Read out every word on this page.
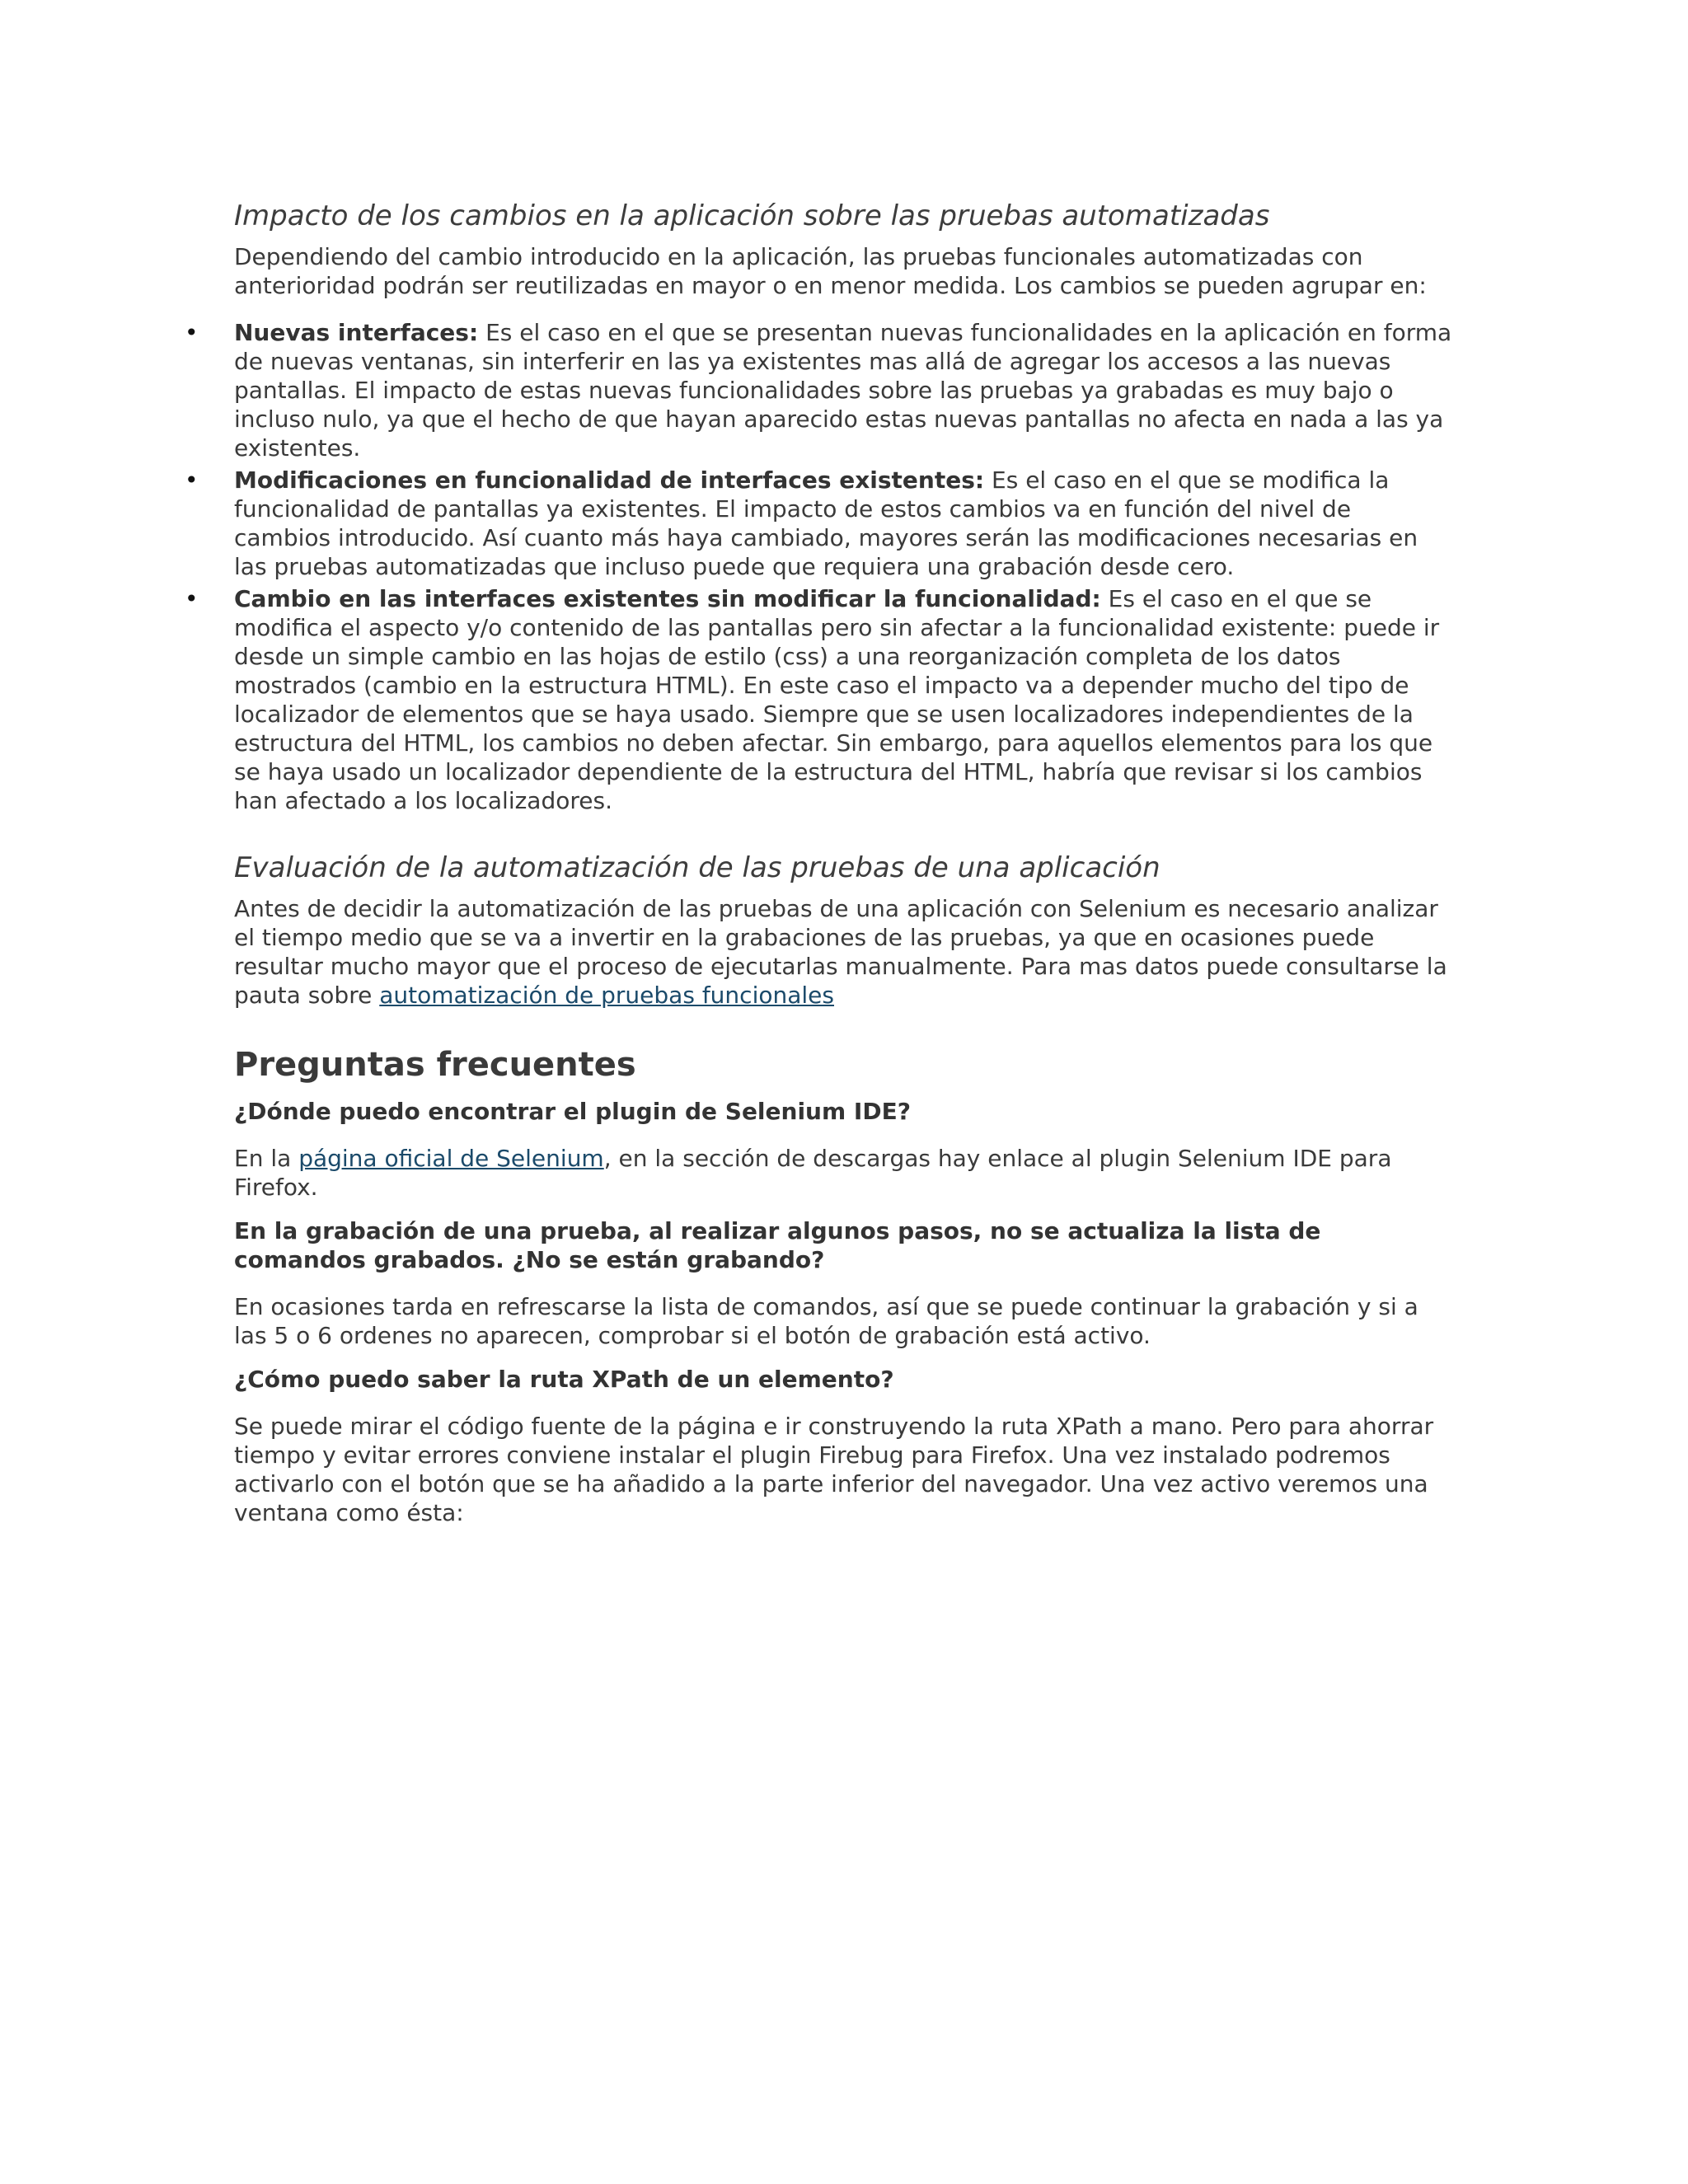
Impacto de los cambios en la aplicación sobre las pruebas automatizadas

Dependiendo del cambio introducido en la aplicación, las pruebas funcionales automatizadas con anterioridad podrán ser reutilizadas en mayor o en menor medida. Los cambios se pueden agrupar en:

• Nuevas interfaces: Es el caso en el que se presentan nuevas funcionalidades en la aplicación en forma de nuevas ventanas, sin interferir en las ya existentes mas allá de agregar los accesos a las nuevas pantallas. El impacto de estas nuevas funcionalidades sobre las pruebas ya grabadas es muy bajo o incluso nulo, ya que el hecho de que hayan aparecido estas nuevas pantallas no afecta en nada a las ya existentes.
• Modificaciones en funcionalidad de interfaces existentes: Es el caso en el que se modifica la funcionalidad de pantallas ya existentes. El impacto de estos cambios va en función del nivel de cambios introducido. Así cuanto más haya cambiado, mayores serán las modificaciones necesarias en las pruebas automatizadas que incluso puede que requiera una grabación desde cero.
• Cambio en las interfaces existentes sin modificar la funcionalidad: Es el caso en el que se modifica el aspecto y/o contenido de las pantallas pero sin afectar a la funcionalidad existente: puede ir desde un simple cambio en las hojas de estilo (css) a una reorganización completa de los datos mostrados (cambio en la estructura HTML). En este caso el impacto va a depender mucho del tipo de localizador de elementos que se haya usado. Siempre que se usen localizadores independientes de la estructura del HTML, los cambios no deben afectar. Sin embargo, para aquellos elementos para los que se haya usado un localizador dependiente de la estructura del HTML, habría que revisar si los cambios han afectado a los localizadores.
Evaluación de la automatización de las pruebas de una aplicación

Antes de decidir la automatización de las pruebas de una aplicación con Selenium es necesario analizar el tiempo medio que se va a invertir en la grabaciones de las pruebas, ya que en ocasiones puede resultar mucho mayor que el proceso de ejecutarlas manualmente. Para mas datos puede consultarse la pauta sobre automatización de pruebas funcionales

Preguntas frecuentes

¿Dónde puedo encontrar el plugin de Selenium IDE?

En la página oficial de Selenium, en la sección de descargas hay enlace al plugin Selenium IDE para Firefox.

En la grabación de una prueba, al realizar algunos pasos, no se actualiza la lista de comandos grabados. ¿No se están grabando?

En ocasiones tarda en refrescarse la lista de comandos, así que se puede continuar la grabación y si a las 5 o 6 ordenes no aparecen, comprobar si el botón de grabación está activo.

¿Cómo puedo saber la ruta XPath de un elemento?

Se puede mirar el código fuente de la página e ir construyendo la ruta XPath a mano. Pero para ahorrar tiempo y evitar errores conviene instalar el plugin Firebug para Firefox. Una vez instalado podremos activarlo con el botón que se ha añadido a la parte inferior del navegador. Una vez activo veremos una ventana como ésta:
